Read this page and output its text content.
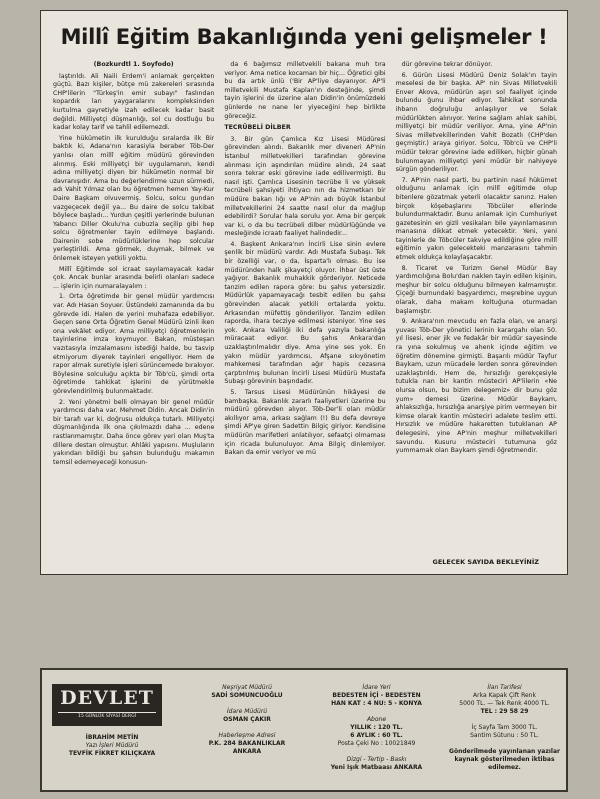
Millî Eğitim Bakanlığında yeni gelişmeler !

(Bozkurdtl 1. Soyfodo)

laştırıldı. Ali Naili Erdem'i anlamak gerçekten güçtü. Bazı kişiler, bütçe mü zakereleri sırasında CHP'lilerin "Türkeş'in emir subayı" faslından kopardık ları yaygaralarını kompleksinden kurtulma gayretiyle izah edilecek kadar basit değildi. Milliyetçi düşmanlığı, sol cu dostluğu bu kadar kolay tarif ve tahlil edilemezdi.

Yine hükümetin ilk kurulduğu sıralarda ilk Bir baktık ki, Adana'nın karasiyla beraber Töb-Der yanlısı olan millî eğitim müdürü görevinden alınmış. Eski milliyetçi bir uygulamanın, kendi adına milliyetçi diyen bir hükümetin normal bir davranışıdır. Ama bu değerlendirme uzun sürmedi, adı Vahit Yılmaz olan bu öğretmen hemen Yay-Kur Daire Başkam olvuvermiş. Solcu, solcu gundan vazgeçecek değil ya... Bu daire de solcu takibat böylece başladı... Yurdun çeşitli yerlerinde bulunan Yabancı Diller Okulu'na cubuzla seçilip gibi hep solcu öğretmenler tayin edilmeye başlandı. Dairenin sobe müdürlüklerine hep solcular yerleştirildi. Ama görmek, duymak, bilmek ve önlemek isteyen yetkili yoktu.

Millî Eğitimde sol icraat sayılamayacak kadar çok. Ancak bunlar arasında belirli olanları sadece ... işlerin için numaralayalım :

1. Orta öğretimde bir genel müdür yardımcısı var. Adı Hasan Soyuer. Üstündeki zamanında da bu görevde idi. Halen de yerini muhafaza edebiliyor. Geçen sene Orta Öğretim Genel Müdürü izinli iken ona vekâlet ediyor. Ama milliyetçi öğretmenlerin tayinlerine imza koymuyor. Bakan, müsteşarı vazıtasıyla imzalamasını istediği halde, bu tasvip etmiyorum diyerek tayinleri engelliyor. Hem de rapor almak suretiyle işleri sürüncemede bırakıyor. Böylesine solculuğu açıkta bir Töb'cü, şimdi orta öğretimde tahkikat işlerini de yürütmekle görevlendirilmiş bulunmaktadır.

2. Yeni yönetmi belli olmayan bir genel müdür yardımcısı daha var. Mehmet Didin. Ancak Didin'in bir tarafı var ki, doğrusu oldukça tutarlı. Milliyetçi düşmanlığında ilk ona çıkılmazdı daha ... edene rastlanmamıştır. Daha önce görev yeri olan Muş'ta dillere destan olmuştur. Ahlâki yapısını. Muşluların yakından bildiği bu şahsın bulunduğu makamın temsil edemeyeceği konusun-

da 6 bağımsız milletvekili bakana muh tıra veriyor. Ama netice kocaman bir hiç... Öğretici gibi bu da artık ünlü ('Bir AP'liye dayanıyor. AP'li milletvekili Mustafa Kaplan'ın desteğinde, şimdi tayin işlerini de üzerine alan Didin'in önümüzdeki günlerde ne nane ler yiyeceğini hep birlikte göreceğiz.

TECRÜBELİ DİLBER

3. Bir gün Çamlıca Kız Lisesi Müdüresi görevinden alındı. Bakanlık mer diveneri AP'nin İstanbul milletvekilleri tarafından görevine alınması için aşındırılan müdire alındı, 24 saat sonra tekrar eski görevine iade edilivermişti. Bu nasıl işti. Çamlıca Lisesinin tecrübe li ve yüksek tecrübeli şahsiyeti ihtiyacı nın da hizmetkarı bir müdüre bakan lığı ve AP'nin adı büyük İstanbul milletvekillerini 24 saatte nasıl olur da mağlup edebilirdi? Sorular hala sorulu yor. Ama bir gerçek var ki, o da bu tecrübeli dilber müdürlüğünde ve mesleğinde icraatı faaliyet halindedir...

4. Başkent Ankara'nın İncirli Lise sinin evlere şenlik bir müdürü vardır. Adı Mustafa Subaşı. Tek bir özelliği var, o da, İsparta'lı olması. Bu ise müdüründen halk şikayetçi oluyor. İhbar üst üste yağıyor. Bakanlık muhakkik görderiyor. Neticede tanzim edilen rapora göre: bu şahıs yetersizdir. Müdürlük yapamayacağı tesbit edilen bu şahsı görevinden alacak yetkili ortalarda yoktu. Arkasından müfettiş gönderiliyor. Tanzim edilen raporda, ihara tecziye edilmesi isteniyor. Yine ses yok. Ankara Valiliği iki defa yazıyla bakanlığa müracaat ediyor. Bu şahıs Ankara'dan uzaklaştırılmalıdır diye. Ama yine ses yok. En yakın müdür yardımcısı, Afşane sıkıyönetim mahkemesi tarafından ağır hapis cezasına çarptırılmış bulunan İncirli Lisesi Müdürü Mustafa Subaşı görevinin başındadır.

5. Tarsus Lisesi Müdürünün hikâyesi de bambaşka. Bakanlık zararlı faaliyetleri üzerine bu müdürü görevden alıyor. Töb-Der'li olan müdür akıllıyor ama, arkası sağlam (!) Bu defa devreye şimdi AP'ye giren Sadettin Bilgiç giriyor. Kendisine müdürün marifetleri anlatılıyor, sefaatçi olmaması için ricada bulunuluyor. Ama Bilgiç dinlemiyor. Bakan da emir veriyor ve mü

dür görevine tekrar dönüyor.

6. Gürün Lisesi Müdürü Deniz Solak'ın tayin meselesi de bir başka. AP' nin Sivas Milletvekili Enver Akova, müdürün aşırı sol faaliyet içinde bulundu ğunu ihbar ediyor. Tahkikat sonunda ihbarın doğruluğu anlaşılıyor ve Solak müdürlükten alınıyor. Yerine sağlam ahlak sahibi, milliyetçi bir müdür veriliyor. Ama, yine AP'nin Sivas milletvekillerinden Vahit Bozatlı (CHP'den geçmiştir.) araya giriyor. Solcu, Töb'cü ve CHP'li müdür tekrar görevine iade ediliken, hiçbir günah bulunmayan milliyetçi yeni müdür bir nahiyeye sürgün gönderiliyor.

7. AP'nin nasıl parti, bu partinin nasıl hükümet olduğunu anlamak için millî eğitimde olup bitenlere gözatmak yeterli olacaktır sanırız. Halen birçok köşebaşlarını Töbcüler ellerinde bulundurmaktadır. Bunu anlamak için Cumhuriyet gazetesinin en gizli vesikaları bile yayınlamasının manasına dikkat etmek yetecektir. Yeni, yeni tayinlerle de Töbcüler takviye edildiğine göre millî eğitimin yakın gelecekteki manzarasını tahmin etmek oldukça kolaylaşacaktır.

8. Ticaret ve Turizm Genel Müdür Bay yardımcılığına Bolu'dan naklen tayin edilen kişinin, meşhur bir solcu olduğunu bilmeyen kalmamıştır. Çiçeği burnundaki başyardımcı, meşrebine uygun olarak, daha makam koltuğuna oturmadan başlamıştır.

9. Ankara'nın mevcudu en fazla olan, ve anarşi yuvası Töb-Der yönetici lerinin karargahı olan 50. yıl lisesi, ener jik ve fedakâr bir müdür sayesinde ra yına sokulmuş ve ahenk içinde eğitim ve öğretim dönemine girmişti. Başarılı müdür Tayfur Baykam, uzun mücadele lerden sonra görevinden uzaklaştırıldı. Hem de, hırsızlığı gerekçesiyle tutukla nan bir kantin müsteciri AP'lilerin «Ne olursa olsun, bu bizim delegemiz» dir bunu göz yum» demesi üzerine. Müdür Baykam, ahlaksızlığa, hırsızlığa anarşiye pirim vermeyen bir kimse olarak kantin müsteciri adalete teslim etti. Hırsızlık ve müdüre hakaretten tutuklanan AP delegesini, yine AP'nin meşhur milletvekilleri savundu. Kusuru müsteciri tutumuna göz yummamak olan Baykam şimdi öğretmendir.

GELECEK SAYIDA BEKLEYİNİZ
DEVLET
15 GÜNLÜK SİYASİ DERGİ
İBRAHİM METİN
Yazı İşleri Müdürü
TEVFİK FİKRET KILIÇKAYA
Neşriyat Müdürü
SADİ SOMUNCUOĞLU

İdare Müdürü
OSMAN ÇAKIR

Haberleşme Adresi
P.K. 284 BAKANLIKLAR
ANKARA
İdare Yeri
BEDESTEN İÇİ - BEDESTEN
HAN KAT : 4 NU: 5 - KONYA

Abone
YILLIK : 120 TL.
6 AYLIK : 60 TL.
Posta Çeki No : 10021849

Dizgi - Tertip - Baskı
Yeni Işık Matbaası ANKARA
İlan Tarifesi
Arka Kapak Çift Renk
5000 TL. — Tek Renk 4000 TL.
TEL : 29 58 29

İç Sayfa Tam 3000 TL.
Santim Sütunu : 50 TL.

Gönderilmede yayınlanan yazılar
kaynak gösterilmeden iktibas edilemez.
